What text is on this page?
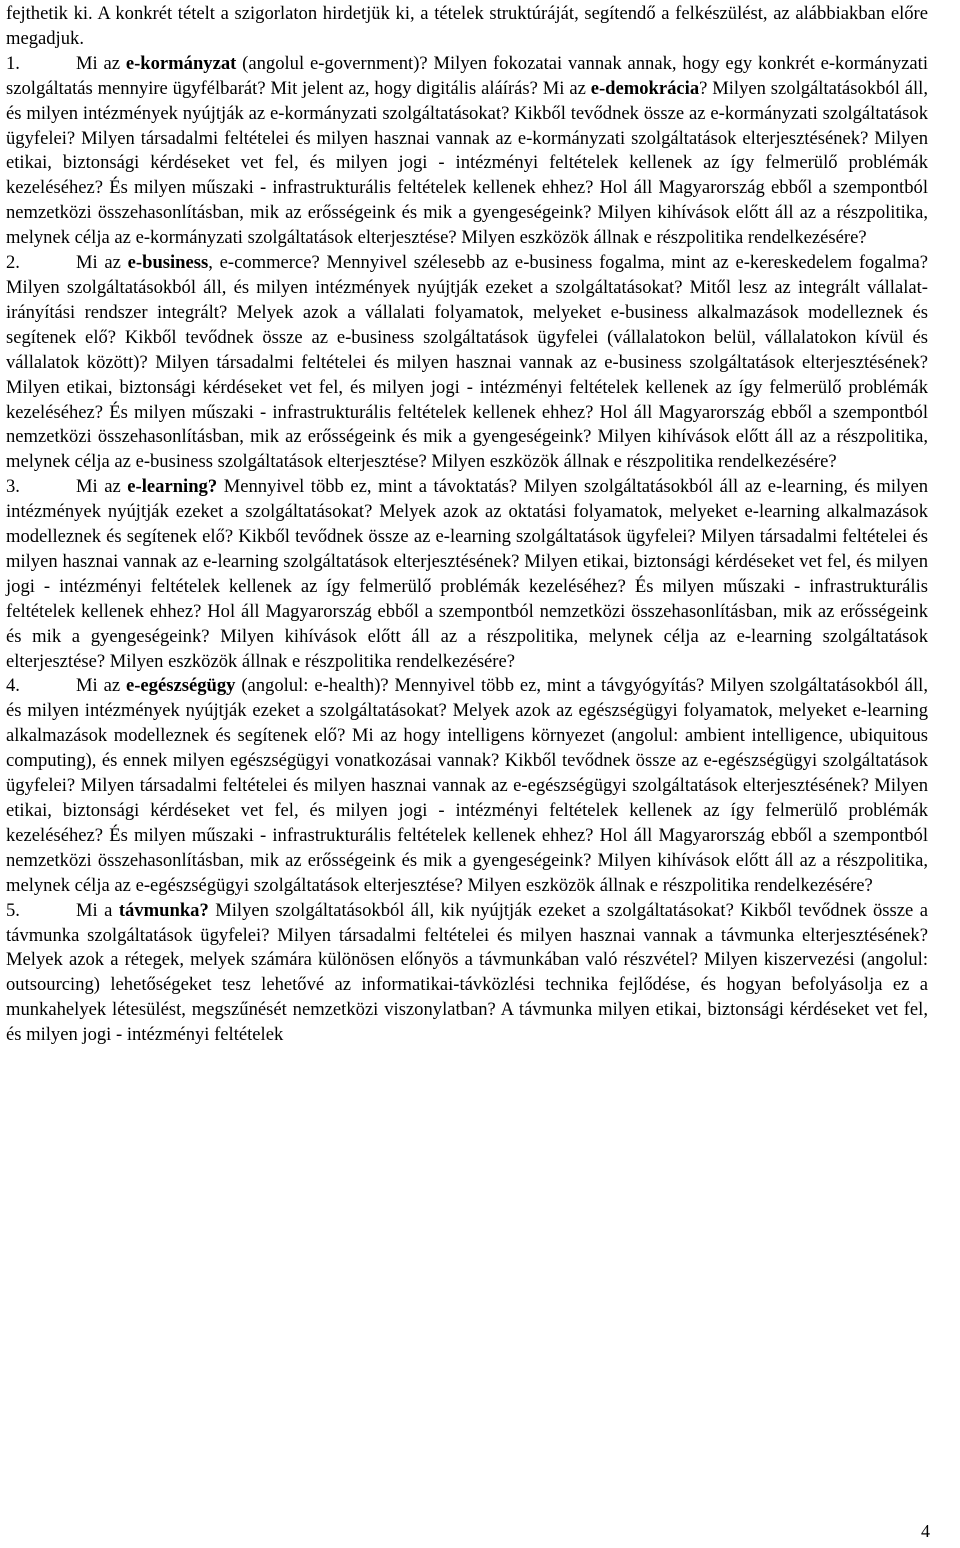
fejthetik ki. A konkrét tételt a szigorlaton hirdetjük ki, a tételek struktúráját, segítendő a felkészülést, az alábbiakban előre megadjuk.

1.	Mi az e-kormányzat (angolul e-government)? Milyen fokozatai vannak annak, hogy egy konkrét e-kormányzati szolgáltatás mennyire ügyfélbarát? Mit jelent az, hogy digitális aláírás? Mi az e-demokrácia? Milyen szolgáltatásokból áll, és milyen intézmények nyújtják az e-kormányzati szolgáltatásokat? Kikből tevődnek össze az e-kormányzati szolgáltatások ügyfelei? Milyen társadalmi feltételei és milyen hasznai vannak az e-kormányzati szolgáltatások elterjesztésének? Milyen etikai, biztonsági kérdéseket vet fel, és milyen jogi - intézményi feltételek kellenek az így felmerülő problémák kezeléséhez? És milyen műszaki - infrastrukturális feltételek kellenek ehhez? Hol áll Magyarország ebből a szempontból nemzetközi összehasonlításban, mik az erősségeink és mik a gyengeségeink? Milyen kihívások előtt áll az a részpolitika, melynek célja az e-kormányzati szolgáltatások elterjesztése? Milyen eszközök állnak e részpolitika rendelkezésére?

2.	Mi az e-business, e-commerce? Mennyivel szélesebb az e-business fogalma, mint az e-kereskedelem fogalma? Milyen szolgáltatásokból áll, és milyen intézmények nyújtják ezeket a szolgáltatásokat? Mitől lesz az integrált vállalat-irányítási rendszer integrált? Melyek azok a vállalati folyamatok, melyeket e-business alkalmazások modelleznek és segítenek elő? Kikből tevődnek össze az e-business szolgáltatások ügyfelei (vállalatokon belül, vállalatokon kívül és vállalatok között)? Milyen társadalmi feltételei és milyen hasznai vannak az e-business szolgáltatások elterjesztésének? Milyen etikai, biztonsági kérdéseket vet fel, és milyen jogi - intézményi feltételek kellenek az így felmerülő problémák kezeléséhez? És milyen műszaki - infrastrukturális feltételek kellenek ehhez? Hol áll Magyarország ebből a szempontból nemzetközi összehasonlításban, mik az erősségeink és mik a gyengeségeink? Milyen kihívások előtt áll az a részpolitika, melynek célja az e-business szolgáltatások elterjesztése? Milyen eszközök állnak e részpolitika rendelkezésére?

3.	Mi az e-learning? Mennyivel több ez, mint a távoktatás? Milyen szolgáltatásokból áll az e-learning, és milyen intézmények nyújtják ezeket a szolgáltatásokat? Melyek azok az oktatási folyamatok, melyeket e-learning alkalmazások modelleznek és segítenek elő? Kikből tevődnek össze az e-learning szolgáltatások ügyfelei? Milyen társadalmi feltételei és milyen hasznai vannak az e-learning szolgáltatások elterjesztésének? Milyen etikai, biztonsági kérdéseket vet fel, és milyen jogi - intézményi feltételek kellenek az így felmerülő problémák kezeléséhez? És milyen műszaki - infrastrukturális feltételek kellenek ehhez? Hol áll Magyarország ebből a szempontból nemzetközi összehasonlításban, mik az erősségeink és mik a gyengeségeink? Milyen kihívások előtt áll az a részpolitika, melynek célja az e-learning szolgáltatások elterjesztése? Milyen eszközök állnak e részpolitika rendelkezésére?

4.	Mi az e-egészségügy (angolul: e-health)? Mennyivel több ez, mint a távgyógyítás? Milyen szolgáltatásokból áll, és milyen intézmények nyújtják ezeket a szolgáltatásokat? Melyek azok az egészségügyi folyamatok, melyeket e-learning alkalmazások modelleznek és segítenek elő? Mi az hogy intelligens környezet (angolul: ambient intelligence, ubiquitous computing), és ennek milyen egészségügyi vonatkozásai vannak? Kikből tevődnek össze az e-egészségügyi szolgáltatások ügyfelei? Milyen társadalmi feltételei és milyen hasznai vannak az e-egészségügyi szolgáltatások elterjesztésének? Milyen etikai, biztonsági kérdéseket vet fel, és milyen jogi - intézményi feltételek kellenek az így felmerülő problémák kezeléséhez? És milyen műszaki - infrastrukturális feltételek kellenek ehhez? Hol áll Magyarország ebből a szempontból nemzetközi összehasonlításban, mik az erősségeink és mik a gyengeségeink? Milyen kihívások előtt áll az a részpolitika, melynek célja az e-egészségügyi szolgáltatások elterjesztése? Milyen eszközök állnak e részpolitika rendelkezésére?

5.	Mi a távmunka? Milyen szolgáltatásokból áll, kik nyújtják ezeket a szolgáltatásokat? Kikből tevődnek össze a távmunka szolgáltatások ügyfelei? Milyen társadalmi feltételei és milyen hasznai vannak a távmunka elterjesztésének? Melyek azok a rétegek, melyek számára különösen előnyös a távmunkában való részvétel? Milyen kiszervezési (angolul: outsourcing) lehetőségeket tesz lehetővé az informatikai-távközlési technika fejlődése, és hogyan befolyásolja ez a munkahelyek létesülést, megszűnését nemzetközi viszonylatban? A távmunka milyen etikai, biztonsági kérdéseket vet fel, és milyen jogi - intézményi feltételek

4
